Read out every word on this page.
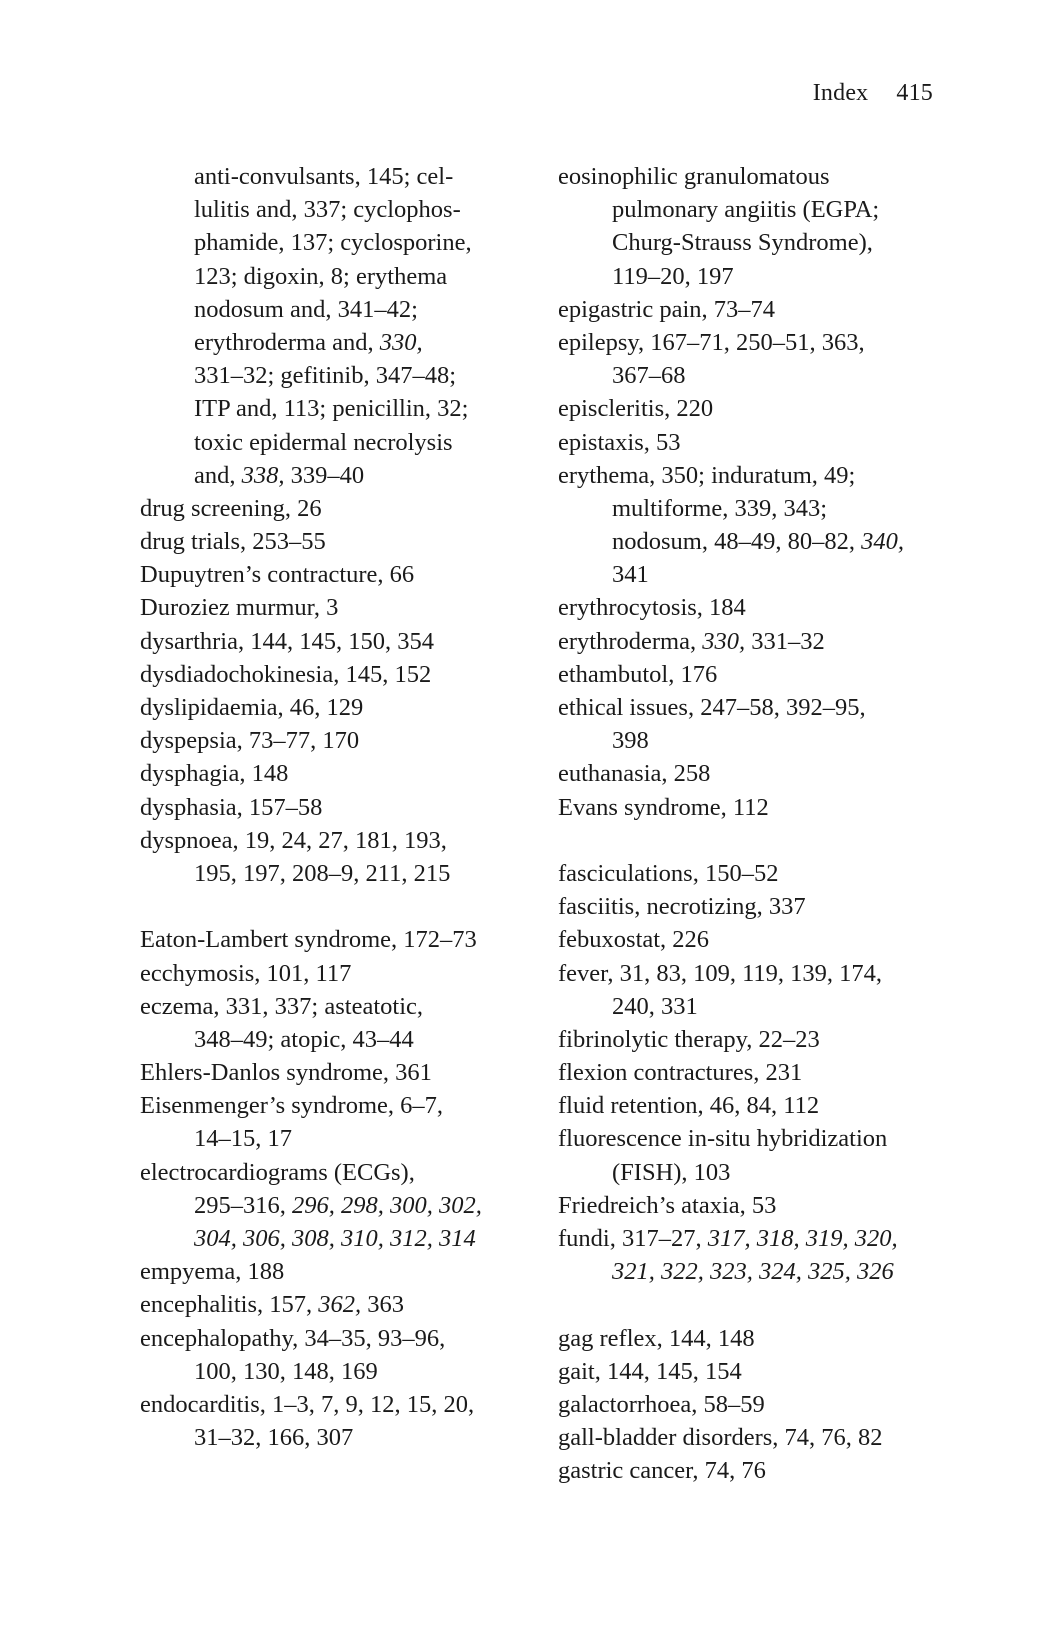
Index 415
anti-convulsants, 145; cel-
lulitis and, 337; cyclophos-
phamide, 137; cyclosporine,
123; digoxin, 8; erythema
nodosum and, 341–42;
erythroderma and, 330,
331–32; gefitinib, 347–48;
ITP and, 113; penicillin, 32;
toxic epidermal necrolysis
and, 338, 339–40
drug screening, 26
drug trials, 253–55
Dupuytren’s contracture, 66
Duroziez murmur, 3
dysarthria, 144, 145, 150, 354
dysdiadochokinesia, 145, 152
dyslipidaemia, 46, 129
dyspepsia, 73–77, 170
dysphagia, 148
dysphasia, 157–58
dyspnoea, 19, 24, 27, 181, 193,
195, 197, 208–9, 211, 215
Eaton-Lambert syndrome, 172–73
ecchymosis, 101, 117
eczema, 331, 337; asteatotic,
348–49; atopic, 43–44
Ehlers-Danlos syndrome, 361
Eisenmenger’s syndrome, 6–7,
14–15, 17
electrocardiograms (ECGs),
295–316, 296, 298, 300, 302,
304, 306, 308, 310, 312, 314
empyema, 188
encephalitis, 157, 362, 363
encephalopathy, 34–35, 93–96,
100, 130, 148, 169
endocarditis, 1–3, 7, 9, 12, 15, 20,
31–32, 166, 307
eosinophilic granulomatous
pulmonary angiitis (EGPA;
Churg-Strauss Syndrome),
119–20, 197
epigastric pain, 73–74
epilepsy, 167–71, 250–51, 363,
367–68
episcleritis, 220
epistaxis, 53
erythema, 350; induratum, 49;
multiforme, 339, 343;
nodosum, 48–49, 80–82, 340,
341
erythrocytosis, 184
erythroderma, 330, 331–32
ethambutol, 176
ethical issues, 247–58, 392–95,
398
euthanasia, 258
Evans syndrome, 112
fasciculations, 150–52
fasciitis, necrotizing, 337
febuxostat, 226
fever, 31, 83, 109, 119, 139, 174,
240, 331
fibrinolytic therapy, 22–23
flexion contractures, 231
fluid retention, 46, 84, 112
fluorescence in-situ hybridization
(FISH), 103
Friedreich’s ataxia, 53
fundi, 317–27, 317, 318, 319, 320,
321, 322, 323, 324, 325, 326
gag reflex, 144, 148
gait, 144, 145, 154
galactorrhoea, 58–59
gall-bladder disorders, 74, 76, 82
gastric cancer, 74, 76
